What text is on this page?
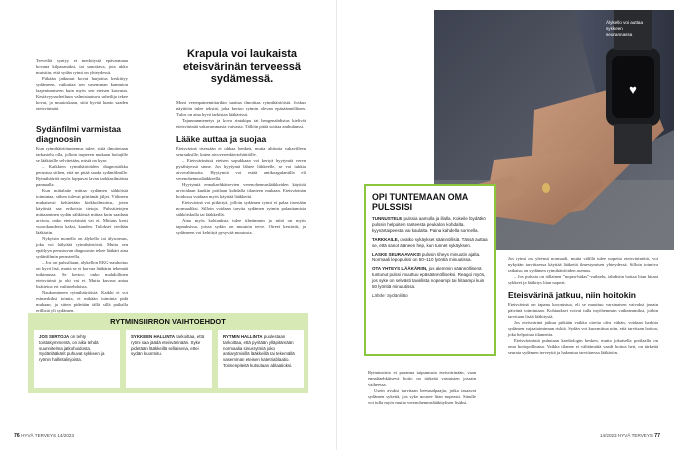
Terveiltä syntyy ei merkitystä epävarmana kovana kilpasanaksi, tai sanottava, jota ukko muistiin, että sydän rytmi on yhteydessä.

Pitkään jatkunut kovat harjoitus keskittyy sydämeen, vaikuttaa sen vasemman kammion laajentumiseen kuin myös sen eteisen kasvuun. Kestävyysurheiluun valmistautuva urheilija tekee kovat, ja muutoskaan, siitä hyvää kunto saaden eteisvärinää.

Sydänfilmi varmistaa diagnoosin

Kun rytmihäiriötuntemus tulee, siitä ilmoitetaan tarkastelu olla, jolloin tarpeeen mukaan hoitajille se lääkärille selvitetään, mistä on kyse.

– Kaikkien rytmihäiriöiden diagnostiikka perustuu siihen, että ne pitää saada sydänfilmille. Rytmihäiriöt myös loppuvat lavan tarkkasilmäista pannaalla.

Kun mittalaite mittaa sydämen sähköistä toimintaa, siihen tulevat piirtämät jäljet. Välineen mukaisesti kehitetään kiekkoilmoitus, joten käytöstä saa erikoisia tietoja. Pulssitietojen mittaaminen sydän sähköistä mittaa kuin saadaan arviota, onko eteisvärinää vai ei. Mittaus kesti vuorokaudesta kaksi, kauden. Tulokset viedään lääkäriin.

Nykyisin monella on älykello tai älysormus, joka voi hälyttää rytmihäiriöstä. Mutta sen epäilyyn perustuvan diagnoosin tekee lääkäri aina sydänfilmin perusteella.

– Jos on pulssiltaan, älykellon EKG-nauhoitus on hyvä lisä, mutta se ei korvaa lääkärin tekemää tutkimusta. Se kertoo, onko mahdollinen eteisvärinä jo ohi vai ei. Mutta kuvaus antaa lisätietoa eri vaihtoehdoista.

Naukomineen rytmihäiriöistä. Kaikki ei voi esimerkiksi toimia, ei mikään toiminta pidä mukaan, ja sitten pidetään tällä sillä paikalla erillisiä yli sydämen.

Krapula voi laukaista eteisvärinän terveessä sydämessä.

Moni verenpainemittarikin saattaa ilmoittaa rytmihäiriöistä. Joskus näyttöön tulee tekstiä, joka kertoo rytmin olevan epäsäännöllinen. Tulos on aina hyvä tarkistaa lääkärissä.

Tajunnanmenetys ja kova rintakipu tai hengenahdistus kielivät eteisvärinää vakavammasta vaivasta. Tällöin pitää soittaa ambulanssi.

Lääke auttaa ja suojaa

Eteisvärinä itsessään ei uhkaa henkeä, mutta alttiutta vakavilleen seurauksille, kuten aivoverenkiertohäiriölle.

– Eteisvärinässä eteisen sopukkaan voi kertyä hyytymiä veren pysähtyessä sinne. Jos hyytymä lähtee liikkeelle, se voi tukkia aivovaltimoita. Hyytymiä voi estää antikoagulantilla eli verenohennuslääkkeellä.

Hyytymiä ennaltaehkäisevien verenohennuslääkkeiden käyttöä arvioidaan kunkin potilaan kohdalla tilanteen mukaan. Eteisvärinän hoidossa voidaan myös käyttää lääkkeitä.

Eteisvärinä voi pitkittyä, jolloin sydämen rytmi ei palaa itsestään normaaliksi. Silloin voidaan tarvita sydämen rytmin palauttamista sähköiskulla tai lääkkeillä.

Aina myös kohtauksia tulee tiheämmin ja niitä on myös tapauksissa, joissa sydän on muutoin terve. Oireet kestävät, ja sydämeen voi kehittyä pysyvää muutosta.

RYTMINSIIRRON VAIHTOEHDOT
JOS SIIRTOJA on tehty toistakymmentä, on aika tehdä suunnitelma jatkohoidosta. Sydänlääkärit puhuvat sykkeen ja rytmin hallintalinjoista.
SYKKEEN HALLINTA tarkoittaa, että rytmi saa jäädä eteisvärinään. Syke pidetään lääkkeillä sellaisena, ettei sydän kuormitu.
RYTMIN HALLINTA puolestaan tarkoittaa, että pyritään ylläpitämään normaalia sinusrytmiä joko antiarytmisillä lääkkeillä tai tekemällä vasemman eteisen katetriablaatio. Toimenpiteitä kutsutaan ablaatioksi.
76 HYVÄ TERVEYS 14/2023
♥
Älykello voi auttaa sykkeen seurannassa
OPI TUNTEMAAN OMA PULSSISI
TUNNUSTELE pulssia aamulla ja illalla. Kokeile löydätkö pulssin helpoiten ranteesta peukalon kohdalta, kyynärtaipeesta vai kaulalta. Paina kahdella sormella.
TARKKAILE, ovatko sykäykset säännöllisiä. Tässä auttaa se, että sanot ääneen hep, kun tunnet sykäyksen.
LASKE SEURAAVAKSI pulssin tiheys minuutin ajalta. Normaali lepopulssi on 50–110 lyöntiä minuutissa.
OTA YHTEYS LÄÄKÄRIIN, jos alemmin säännöllisenä tuntunut pulssi muuttuu epäsäännölliseksi. Reagoi myös, jos syke on selvästi tavallista nopeampi tai hitaampi kuin 50 lyöntiä minuutissa.
Lähde: Sydänliitto

Rytminsiirto ei paranna taipumusta eteisvärinään, vaan ennaltaehkäisevä hoito on tärkeää vastaisten jossain vaiheessa.

Usein avuksi tarvitaan beetasalpaajia, jotka tasaavat sydämen sykettä, jos syke nousee liian nopeasti. Sinulle voi tulla myös muita verenohennuslääkityksen lisäksi.

Jos rytmi on yleensä normaali, mutta välillä tulee nopeita eteisvärinöitä, voi nykyään tarvittaessa käyttää lääkettä ilmestymisen yhteydessä. Silloin toimiva ratkaisu on sydämen rytmihäiriöiden asemus.

– Jos pulssia on tällainen ”nopea-hidas”-vaihtelu, tahdistin hoitaa liian hitaat sykkeet ja lääkitys liian nopeat.

Eteisvärinä jatkuu, niin hoitokin

Eteisvärinä on tapana kroonistua, eli se muuttuu varsinaisen vaivaksi jonain päivänä toimintaan. Kohtaukset voivat tulla myöhemmin vaikeammiksi, joihin tarvitaan lisää lääkitystä.

Jos eteisvärinä jatkuu pitkään vaikka oireita olisi vähän, voidaan harkita sydämen vajaatoiminnan riskiä. Sydän voi kuormittua niin, että tarvitaan hoitoa, joka helpottaa tilannetta.

Eteisvärinästä puhutaan kardiologin kesken, mutta jokaisella potilaalla on oma hoitopolkunsa. Vaikka tilanne ei välttämättä vaadi hoitoa heti, on tärkeää seurata sydämen terveyttä ja hakeutua tarvittaessa lääkäriin.

14/2023 HYVÄ TERVEYS 77
